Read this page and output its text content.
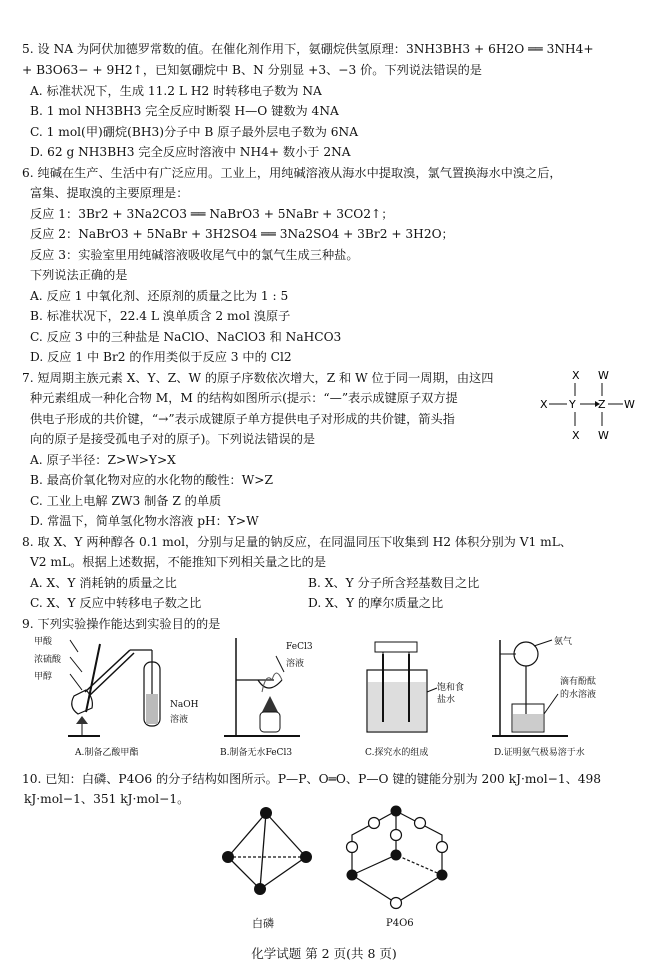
5. 设 NA 为阿伏加德罗常数的值。在催化剂作用下，氨硼烷供氢原理：3NH3BH3 + 6H2O ══ 3NH4+
+ B3O63− + 9H2↑，已知氨硼烷中 B、N 分别显 +3、−3 价。下列说法错误的是
A. 标准状况下，生成 11.2 L H2 时转移电子数为 NA
B. 1 mol NH3BH3 完全反应时断裂 H—O 键数为 4NA
C. 1 mol(甲)硼烷(BH3)分子中 B 原子最外层电子数为 6NA
D. 62 g NH3BH3 完全反应时溶液中 NH4+ 数小于 2NA
6. 纯碱在生产、生活中有广泛应用。工业上，用纯碱溶液从海水中提取溴，氯气置换海水中溴之后，
富集、提取溴的主要原理是：
反应 1：3Br2 + 3Na2CO3 ══ NaBrO3 + 5NaBr + 3CO2↑；
反应 2：NaBrO3 + 5NaBr + 3H2SO4 ══ 3Na2SO4 + 3Br2 + 3H2O；
反应 3：实验室里用纯碱溶液吸收尾气中的氯气生成三种盐。
下列说法正确的是
A. 反应 1 中氧化剂、还原剂的质量之比为 1 : 5
B. 标准状况下，22.4 L 溴单质含 2 mol 溴原子
C. 反应 3 中的三种盐是 NaClO、NaClO3 和 NaHCO3
D. 反应 1 中 Br2 的作用类似于反应 3 中的 Cl2
7. 短周期主族元素 X、Y、Z、W 的原子序数依次增大，Z 和 W 位于同一周期，由这四
种元素组成一种化合物 M，M 的结构如图所示(提示：“—”表示成键原子双方提
供电子形成的共价键，“→”表示成键原子单方提供电子对形成的共价键，箭头指
向的原子是接受孤电子对的原子)。下列说法错误的是
A. 原子半径：Z>W>Y>X
B. 最高价氧化物对应的水化物的酸性：W>Z
C. 工业上电解 ZW3 制备 Z 的单质
D. 常温下，简单氢化物水溶液 pH：Y>W
X W
X Y Z W
X W
8. 取 X、Y 两种醇各 0.1 mol，分别与足量的钠反应，在同温同压下收集到 H2 体积分别为 V1 mL、
V2 mL。根据上述数据，不能推知下列相关量之比的是
A. X、Y 消耗钠的质量之比	B. X、Y 分子所含羟基数目之比
C. X、Y 反应中转移电子数之比	D. X、Y 的摩尔质量之比
9. 下列实验操作能达到实验目的的是
甲酸
浓硫酸
甲醇
NaOH
溶液
A.制备乙酸甲酯
FeCl3
溶液
B.制备无水FeCl3
饱和食
盐水
C.探究水的组成
氨气
滴有酚酞
的水溶液
D.证明氨气极易溶于水
10. 已知：白磷、P4O6 的分子结构如图所示。P—P、O═O、P—O 键的键能分别为 200 kJ·mol−1、498
kJ·mol−1、351 kJ·mol−1。
白磷	P4O6
化学试题 第 2 页(共 8 页)
